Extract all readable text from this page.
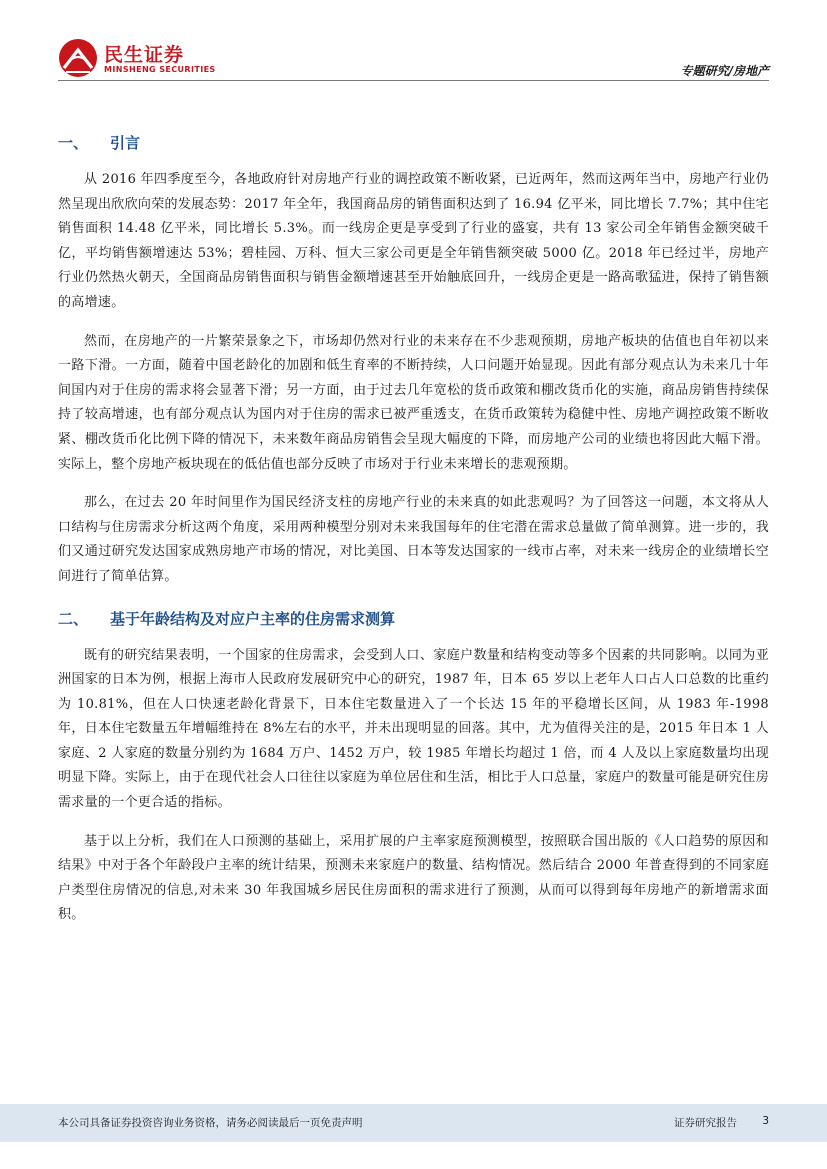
民生证券
MINSHENG SECURITIES	专题研究/房地产
一、 引言

从 2016 年四季度至今，各地政府针对房地产行业的调控政策不断收紧，已近两年，然而这两年当中，房地产行业仍然呈现出欣欣向荣的发展态势：2017 年全年，我国商品房的销售面积达到了 16.94 亿平米，同比增长 7.7%；其中住宅销售面积 14.48 亿平米，同比增长 5.3%。而一线房企更是享受到了行业的盛宴，共有 13 家公司全年销售金额突破千亿，平均销售额增速达 53%；碧桂园、万科、恒大三家公司更是全年销售额突破 5000 亿。2018 年已经过半，房地产行业仍然热火朝天，全国商品房销售面积与销售金额增速甚至开始触底回升，一线房企更是一路高歌猛进，保持了销售额的高增速。

然而，在房地产的一片繁荣景象之下，市场却仍然对行业的未来存在不少悲观预期，房地产板块的估值也自年初以来一路下滑。一方面，随着中国老龄化的加剧和低生育率的不断持续，人口问题开始显现。因此有部分观点认为未来几十年间国内对于住房的需求将会显著下滑；另一方面，由于过去几年宽松的货币政策和棚改货币化的实施，商品房销售持续保持了较高增速，也有部分观点认为国内对于住房的需求已被严重透支，在货币政策转为稳健中性、房地产调控政策不断收紧、棚改货币化比例下降的情况下，未来数年商品房销售会呈现大幅度的下降，而房地产公司的业绩也将因此大幅下滑。实际上，整个房地产板块现在的低估值也部分反映了市场对于行业未来增长的悲观预期。

那么，在过去 20 年时间里作为国民经济支柱的房地产行业的未来真的如此悲观吗？为了回答这一问题，本文将从人口结构与住房需求分析这两个角度，采用两种模型分别对未来我国每年的住宅潜在需求总量做了简单测算。进一步的，我们又通过研究发达国家成熟房地产市场的情况，对比美国、日本等发达国家的一线市占率，对未来一线房企的业绩增长空间进行了简单估算。

二、 基于年龄结构及对应户主率的住房需求测算

既有的研究结果表明，一个国家的住房需求，会受到人口、家庭户数量和结构变动等多个因素的共同影响。以同为亚洲国家的日本为例，根据上海市人民政府发展研究中心的研究，1987 年，日本 65 岁以上老年人口占人口总数的比重约为 10.81%，但在人口快速老龄化背景下，日本住宅数量进入了一个长达 15 年的平稳增长区间，从 1983 年-1998 年，日本住宅数量五年增幅维持在 8%左右的水平，并未出现明显的回落。其中，尤为值得关注的是，2015 年日本 1 人家庭、2 人家庭的数量分别约为 1684 万户、1452 万户，较 1985 年增长均超过 1 倍，而 4 人及以上家庭数量均出现明显下降。实际上，由于在现代社会人口往往以家庭为单位居住和生活，相比于人口总量，家庭户的数量可能是研究住房需求量的一个更合适的指标。

基于以上分析，我们在人口预测的基础上，采用扩展的户主率家庭预测模型，按照联合国出版的《人口趋势的原因和结果》中对于各个年龄段户主率的统计结果，预测未来家庭户的数量、结构情况。然后结合 2000 年普查得到的不同家庭户类型住房情况的信息,对未来 30 年我国城乡居民住房面积的需求进行了预测，从而可以得到每年房地产的新增需求面积。

本公司具备证券投资咨询业务资格，请务必阅读最后一页免责声明	证券研究报告 3
